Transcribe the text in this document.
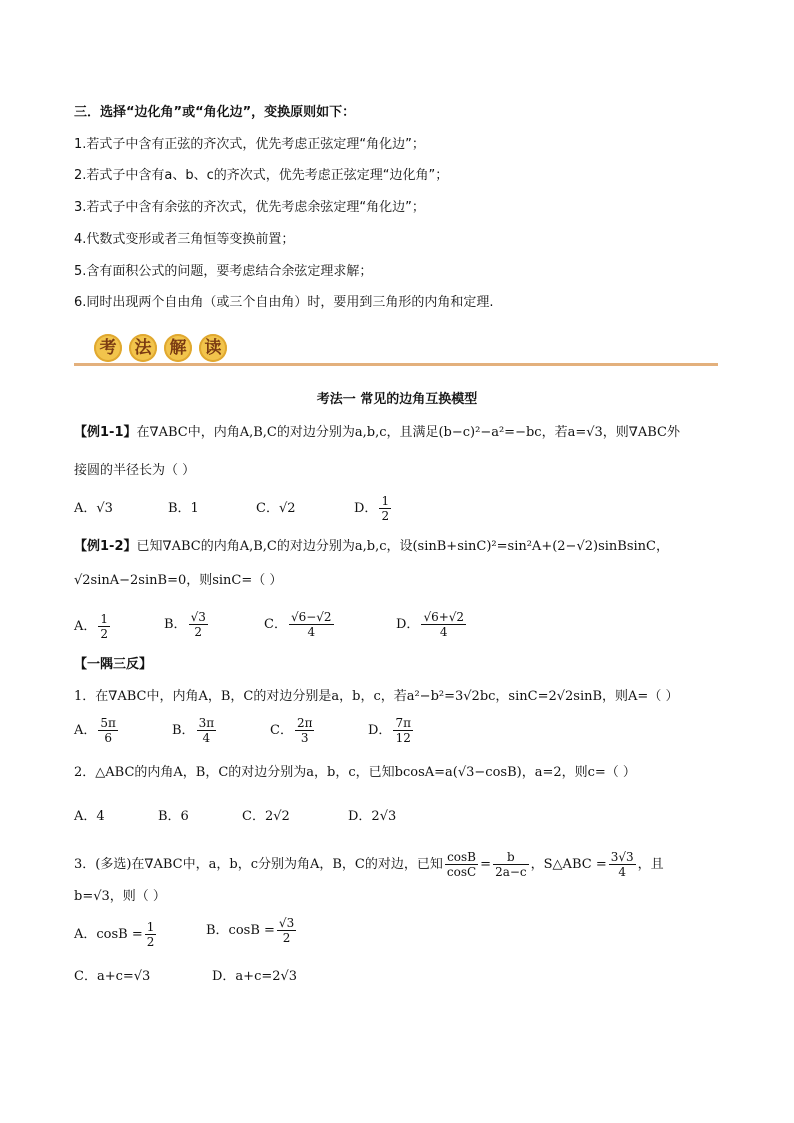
三．选择“边化角”或“角化边”，变换原则如下：
1.若式子中含有正弦的齐次式，优先考虑正弦定理“角化边”；
2.若式子中含有a、b、c的齐次式，优先考虑正弦定理“边化角”；
3.若式子中含有余弦的齐次式，优先考虑余弦定理“角化边”；
4.代数式变形或者三角恒等变换前置；
5.含有面积公式的问题，要考虑结合余弦定理求解；
6.同时出现两个自由角（或三个自由角）时，要用到三角形的内角和定理.
考	法	解	读
考法一 常见的边角互换模型
【例1-1】在∇ABC中，内角A,B,C的对边分别为a,b,c，且满足(b−c)²−a²=−bc，若a=√3，则∇ABC外
接圆的半径长为（ ）
A．√3	B．1	C．√2	D． $\frac{1}{2}$
【例1-2】已知∇ABC的内角A,B,C的对边分别为a,b,c，设(sinB+sinC)²=sin²A+(2−√2)sinBsinC，
√2sinA−2sinB=0，则sinC=（ ）
A． $\frac{1}{2}$	B． $\frac{√3}{2}$	C． $\frac{√6-√2}{4}$	D． $\frac{√6+√2}{4}$
【一隅三反】
1．在∇ABC中，内角A，B，C的对边分别是a，b，c，若a²−b²=3√2bc，sinC=2√2sinB，则A=（ ）
A． $\frac{5\pi}{6}$	B． $\frac{3\pi}{4}$	C． $\frac{2\pi}{3}$	D． $\frac{7\pi}{12}$
2．△ABC的内角A，B，C的对边分别为a，b，c，已知bcosA=a(√3−cosB)，a=2，则c=（ ）
A．4	B．6	C．2√2	D．2√3
3．(多选)在∇ABC中，a，b，c分别为角A，B，C的对边，已知 $\frac{\cos B}{\cos C} = \frac{b}{2a-c}$ ，S△ABC = $\frac{3√3}{4}$ ，且
b=√3，则（ ）
A．$\cos B = \frac{1}{2}$	B．$\cos B = \frac{√3}{2}$
C．a+c=√3	D．a+c=2√3
